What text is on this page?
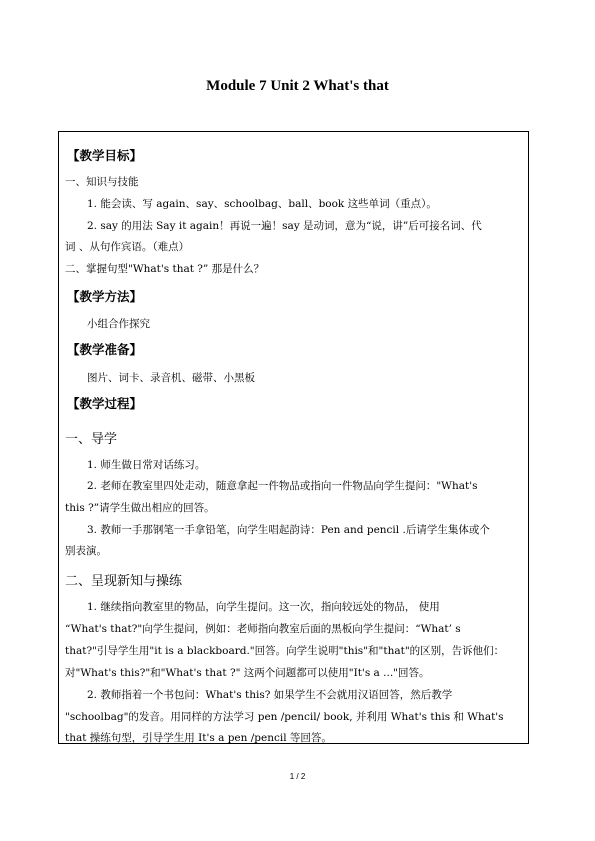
Module 7 Unit 2 What's that
【教学目标】
一、知识与技能
1. 能会读、写 again、say、schoolbag、ball、book 这些单词（重点）。
2. say 的用法 Say it again！再说一遍！say 是动词，意为“说，讲”后可接名词、代
词 、从句作宾语。（难点）
二、掌握句型"What's that ?” 那是什么？
【教学方法】
小组合作探究
【教学准备】
图片、词卡、录音机、磁带、小黑板
【教学过程】
一、导学
1. 师生做日常对话练习。
2. 老师在教室里四处走动，随意拿起一件物品或指向一件物品向学生提问："What's
this ?”请学生做出相应的回答。
3. 教师一手那钢笔一手拿铅笔，向学生唱起韵诗：Pen and pencil .后请学生集体或个
别表演。
二、呈现新知与操练
1. 继续指向教室里的物品，向学生提问。这一次，指向较远处的物品， 使用
“What's that?"向学生提问，例如：老师指向教室后面的黑板向学生提问：“What’ s
that?"引导学生用"it is a blackboard."回答。向学生说明"this"和"that"的区别，告诉他们：
对"What's this?"和"What's that ?" 这两个问题都可以使用"It's a ..."回答。
2. 教师指着一个书包问：What's this? 如果学生不会就用汉语回答，然后教学
"schoolbag"的发音。用同样的方法学习 pen /pencil/ book, 并利用 What's this 和 What's
that 操练句型，引导学生用 It's a pen /pencil 等回答。
1 / 2
